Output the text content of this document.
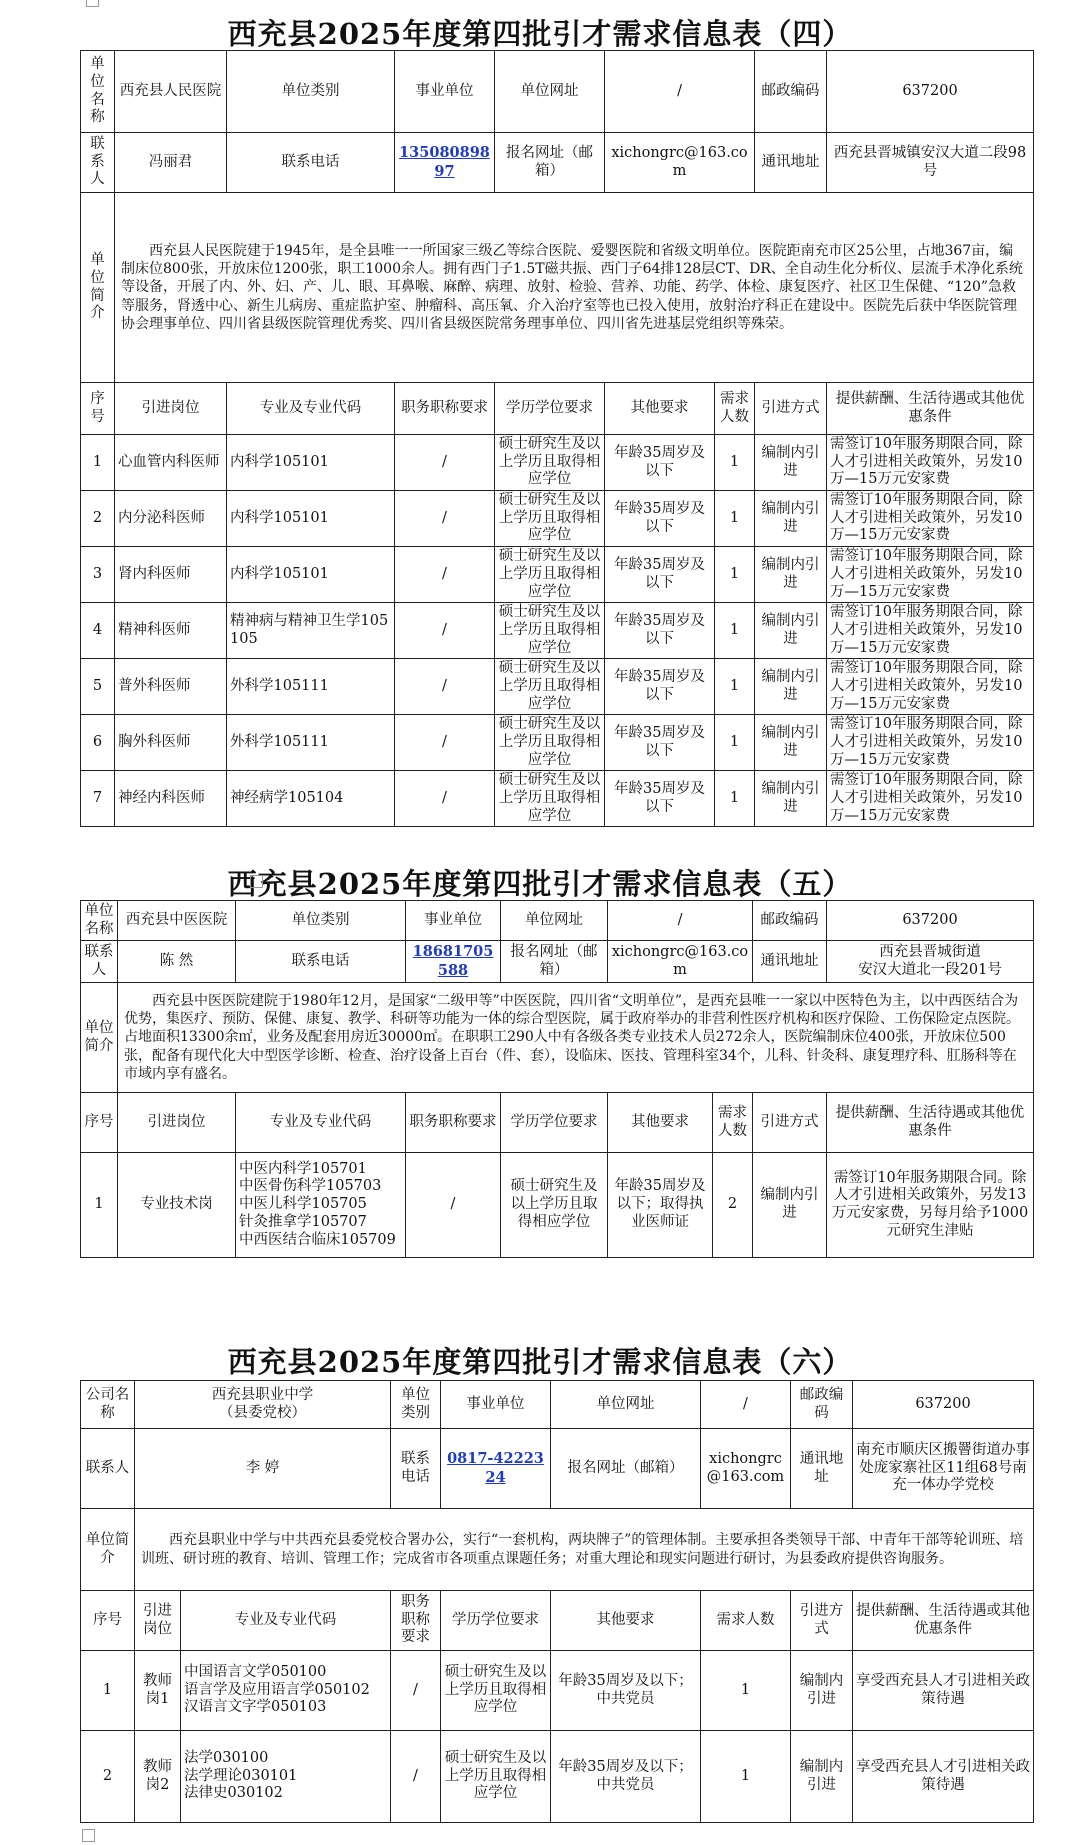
西充县2025年度第四批引才需求信息表（四）
单位名称	西充县人民医院	单位类别	事业单位	单位网址	/		邮政编码	637200
联系人	冯丽君	联系电话	13508089897	报名网址（邮箱）	xichongrc@163.com		通讯地址	西充县晋城镇安汉大道二段98号
单位简介	西充县人民医院建于1945年，是全县唯一一所国家三级乙等综合医院、爱婴医院和省级文明单位。医院距南充市区25公里，占地367亩，编制床位800张，开放床位1200张，职工1000余人。拥有西门子1.5T磁共振、西门子64排128层CT、DR、全自动生化分析仪、层流手术净化系统等设备，开展了内、外、妇、产、儿、眼、耳鼻喉、麻醉、病理、放射、检验、营养、功能、药学、体检、康复医疗、社区卫生保健、“120”急救等服务，肾透中心、新生儿病房、重症监护室、肿瘤科、高压氧、介入治疗室等也已投入使用，放射治疗科正在建设中。医院先后获中华医院管理协会理事单位、四川省县级医院管理优秀奖、四川省县级医院常务理事单位、四川省先进基层党组织等殊荣。							
序号	引进岗位	专业及专业代码	职务职称要求	学历学位要求	其他要求	需求人数	引进方式	提供薪酬、生活待遇或其他优惠条件
1	心血管内科医师	内科学105101	/	硕士研究生及以上学历且取得相应学位	年龄35周岁及以下	1	编制内引进	需签订10年服务期限合同，除人才引进相关政策外，另发10万—15万元安家费
2	内分泌科医师	内科学105101	/	硕士研究生及以上学历且取得相应学位	年龄35周岁及以下	1	编制内引进	需签订10年服务期限合同，除人才引进相关政策外，另发10万—15万元安家费
3	肾内科医师	内科学105101	/	硕士研究生及以上学历且取得相应学位	年龄35周岁及以下	1	编制内引进	需签订10年服务期限合同，除人才引进相关政策外，另发10万—15万元安家费
4	精神科医师	精神病与精神卫生学105105	/	硕士研究生及以上学历且取得相应学位	年龄35周岁及以下	1	编制内引进	需签订10年服务期限合同，除人才引进相关政策外，另发10万—15万元安家费
5	普外科医师	外科学105111	/	硕士研究生及以上学历且取得相应学位	年龄35周岁及以下	1	编制内引进	需签订10年服务期限合同，除人才引进相关政策外，另发10万—15万元安家费
6	胸外科医师	外科学105111	/	硕士研究生及以上学历且取得相应学位	年龄35周岁及以下	1	编制内引进	需签订10年服务期限合同，除人才引进相关政策外，另发10万—15万元安家费
7	神经内科医师	神经病学105104	/	硕士研究生及以上学历且取得相应学位	年龄35周岁及以下	1	编制内引进	需签订10年服务期限合同，除人才引进相关政策外，另发10万—15万元安家费
西充县2025年度第四批引才需求信息表（五）
单位名称	西充县中医医院	单位类别	事业单位	单位网址	/		邮政编码	637200
联系人	陈 然	联系电话	18681705588	报名网址（邮箱）	xichongrc@163.com		通讯地址	西充县晋城街道
安汉大道北一段201号
单位简介	西充县中医医院建院于1980年12月，是国家“二级甲等”中医医院，四川省“文明单位”，是西充县唯一一家以中医特色为主，以中西医结合为优势，集医疗、预防、保健、康复、教学、科研等功能为一体的综合型医院，属于政府举办的非营利性医疗机构和医疗保险、工伤保险定点医院。占地面积13300余㎡，业务及配套用房近30000㎡。在职职工290人中有各级各类专业技术人员272余人，医院编制床位400张，开放床位500张，配备有现代化大中型医学诊断、检查、治疗设备上百台（件、套），设临床、医技、管理科室34个，儿科、针灸科、康复理疗科、肛肠科等在市域内享有盛名。							
序号	引进岗位	专业及专业代码	职务职称要求	学历学位要求	其他要求	需求人数	引进方式	提供薪酬、生活待遇或其他优惠条件
1	专业技术岗	中医内科学105701
中医骨伤科学105703
中医儿科学105705
针灸推拿学105707
中西医结合临床105709	/	硕士研究生及以上学历且取得相应学位	年龄35周岁及以下；取得执业医师证	2	编制内引进	需签订10年服务期限合同。除人才引进相关政策外，另发13万元安家费，另每月给予1000元研究生津贴
西充县2025年度第四批引才需求信息表（六）
公司名称	西充县职业中学
（县委党校）		单位类别	事业单位	单位网址	/	邮政编码	637200
联系人	李 婷		联系电话	0817-4222324	报名网址（邮箱）	xichongrc@163.com	通讯地址	南充市顺庆区搬罾街道办事处庞家寨社区11组68号南充一体办学党校
单位简介	西充县职业中学与中共西充县委党校合署办公，实行“一套机构，两块牌子”的管理体制。主要承担各类领导干部、中青年干部等轮训班、培训班、研讨班的教育、培训、管理工作；完成省市各项重点课题任务；对重大理论和现实问题进行研讨，为县委政府提供咨询服务。							
序号	引进岗位	专业及专业代码	职务职称要求	学历学位要求	其他要求	需求人数	引进方式	提供薪酬、生活待遇或其他优惠条件
1	教师岗1	中国语言文学050100
语言学及应用语言学050102
汉语言文字学050103	/	硕士研究生及以上学历且取得相应学位	年龄35周岁及以下；中共党员	1	编制内引进	享受西充县人才引进相关政策待遇
2	教师岗2	法学030100
法学理论030101
法律史030102	/	硕士研究生及以上学历且取得相应学位	年龄35周岁及以下；中共党员	1	编制内引进	享受西充县人才引进相关政策待遇
